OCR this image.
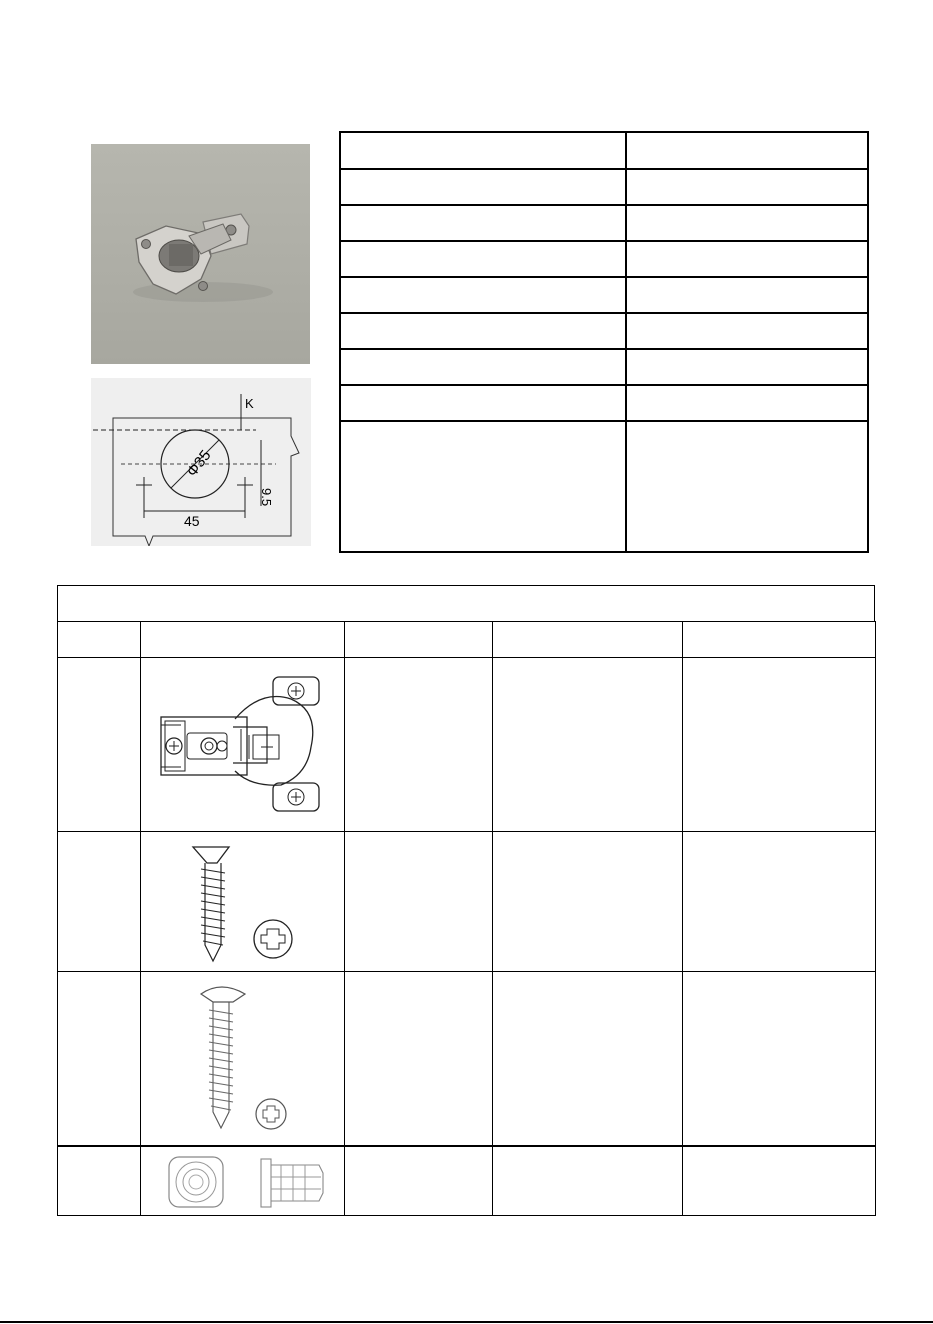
K
Φ35
9.5
45
